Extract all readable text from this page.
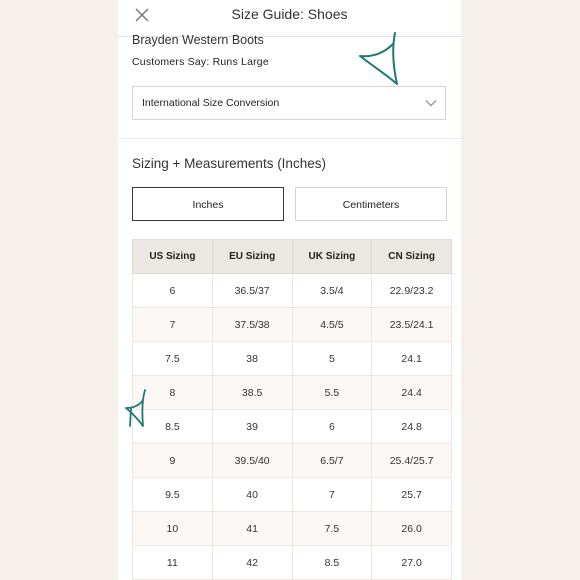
Size Guide: Shoes
Brayden Western Boots
Customers Say: Runs Large
International Size Conversion
Sizing + Measurements (Inches)
Inches	Centimeters
US Sizing	EU Sizing	UK Sizing	CN Sizing
6	36.5/37	3.5/4	22.9/23.2
7	37.5/38	4.5/5	23.5/24.1
7.5	38	5	24.1
8	38.5	5.5	24.4
8.5	39	6	24.8
9	39.5/40	6.5/7	25.4/25.7
9.5	40	7	25.7
10	41	7.5	26.0
11	42	8.5	27.0
